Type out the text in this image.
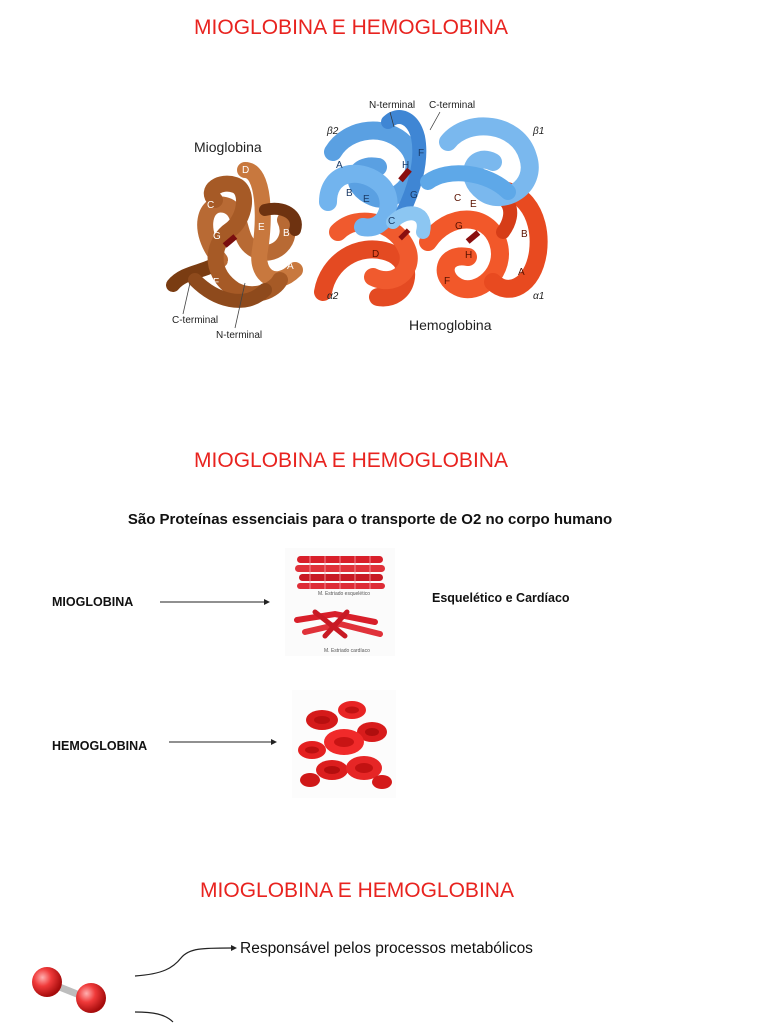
MIOGLOBINA E HEMOGLOBINA
Mioglobina
D
C
E
B
G
H	A
F
C-terminal
N-terminal
N-terminal C-terminal
β2	β1
α2	α1
A
B
E
F
H
G
C
D
E
H
F
A
C
B
G
Hemoglobina
MIOGLOBINA E HEMOGLOBINA
São Proteínas essenciais para o transporte de O2 no corpo humano
MIOGLOBINA
M. Estriado esquelético
M. Estriado cardíaco
Esquelético e Cardíaco
HEMOGLOBINA
MIOGLOBINA E HEMOGLOBINA
Responsável pelos processos metabólicos
